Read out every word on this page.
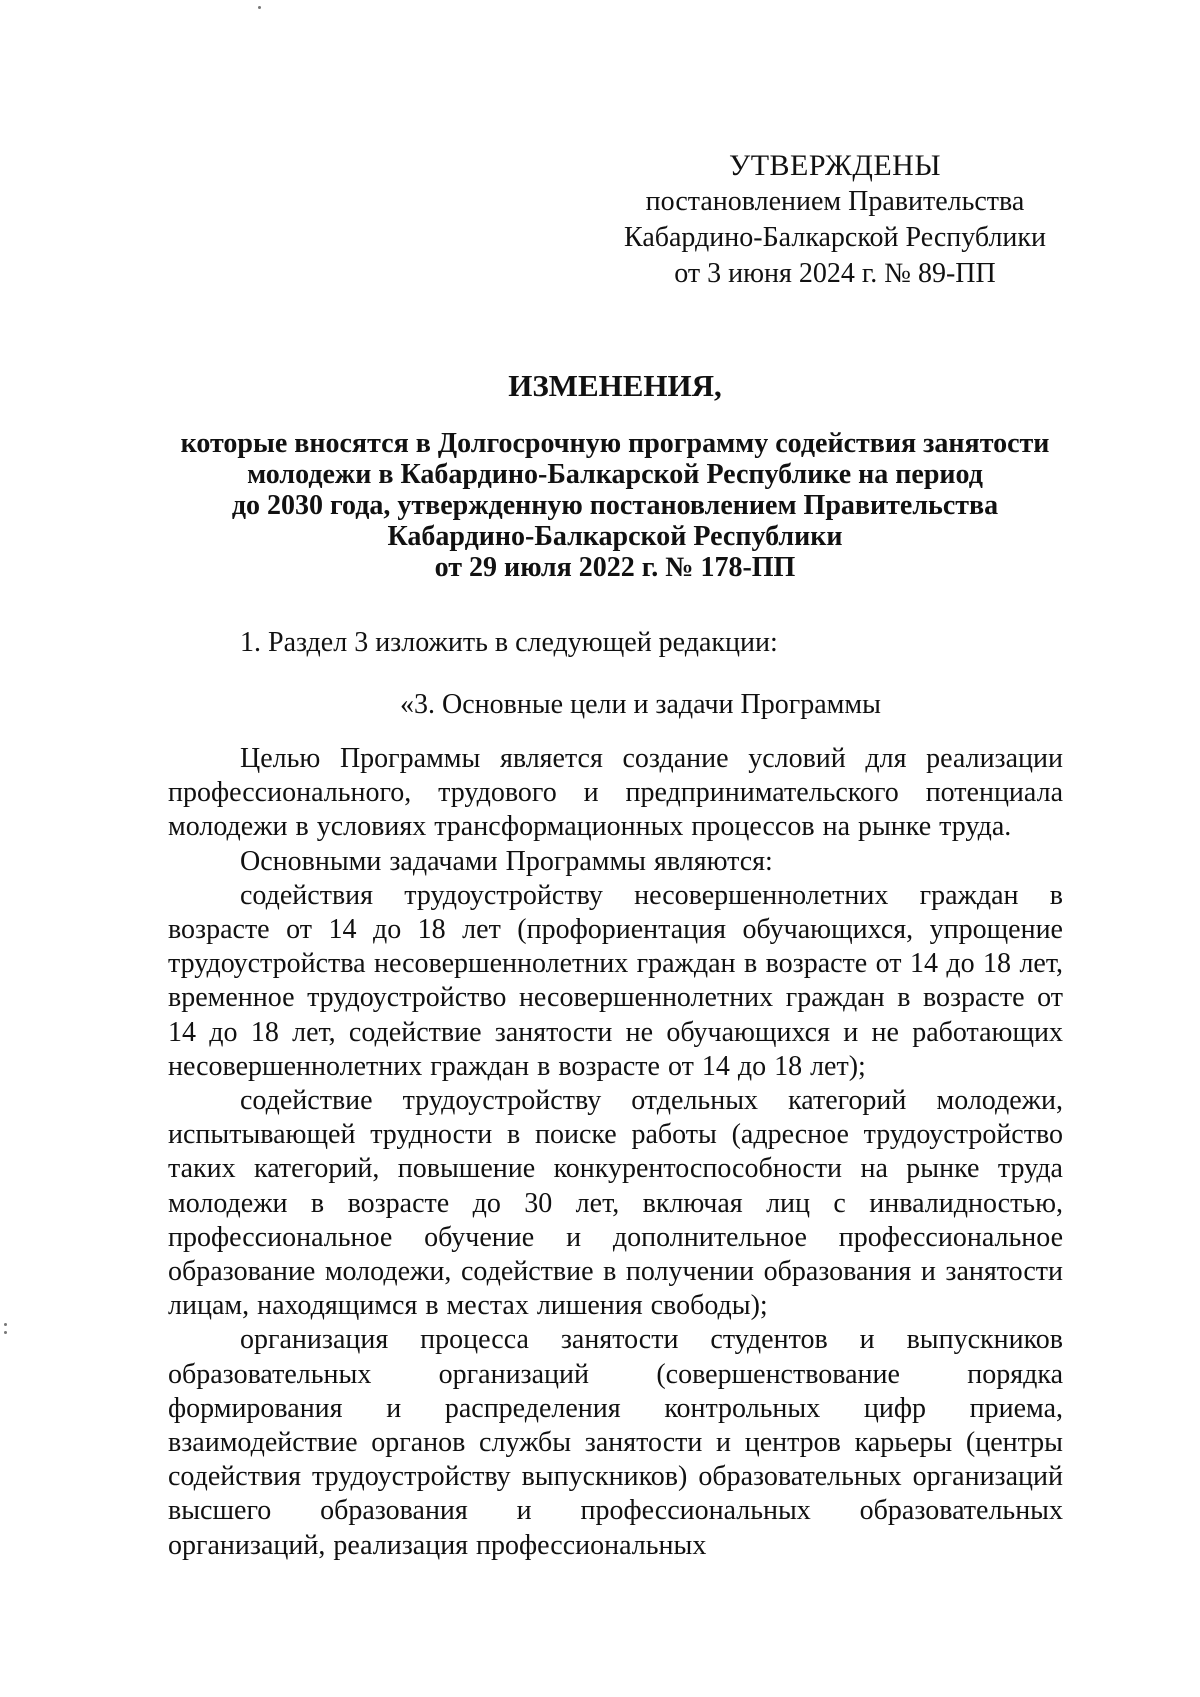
УТВЕРЖДЕНЫ
постановлением Правительства
Кабардино-Балкарской Республики
от 3 июня 2024 г. № 89-ПП
ИЗМЕНЕНИЯ,
которые вносятся в Долгосрочную программу содействия занятости
молодежи в Кабардино-Балкарской Республике на период
до 2030 года, утвержденную постановлением Правительства
Кабардино-Балкарской Республики
от 29 июля 2022 г. № 178-ПП
1. Раздел 3 изложить в следующей редакции:
«3. Основные цели и задачи Программы

Целью Программы является создание условий для реализации профессионального, трудового и предпринимательского потенциала молодежи в условиях трансформационных процессов на рынке труда.

Основными задачами Программы являются:

содействия трудоустройству несовершеннолетних граждан в возрасте от 14 до 18 лет (профориентация обучающихся, упрощение трудоустройства несовершеннолетних граждан в возрасте от 14 до 18 лет, временное трудоустройство несовершеннолетних граждан в возрасте от 14 до 18 лет, содействие занятости не обучающихся и не работающих несовершеннолетних граждан в возрасте от 14 до 18 лет);

содействие трудоустройству отдельных категорий молодежи, испытывающей трудности в поиске работы (адресное трудоустройство таких категорий, повышение конкурентоспособности на рынке труда молодежи в возрасте до 30 лет, включая лиц с инвалидностью, профессиональное обучение и дополнительное профессиональное образование молодежи, содействие в получении образования и занятости лицам, находящимся в местах лишения свободы);

организация процесса занятости студентов и выпускников образовательных организаций (совершенствование порядка формирования и распределения контрольных цифр приема, взаимодействие органов службы занятости и центров карьеры (центры содействия трудоустройству выпускников) образовательных организаций высшего образования и профессиональных образовательных организаций, реализация профессиональных
